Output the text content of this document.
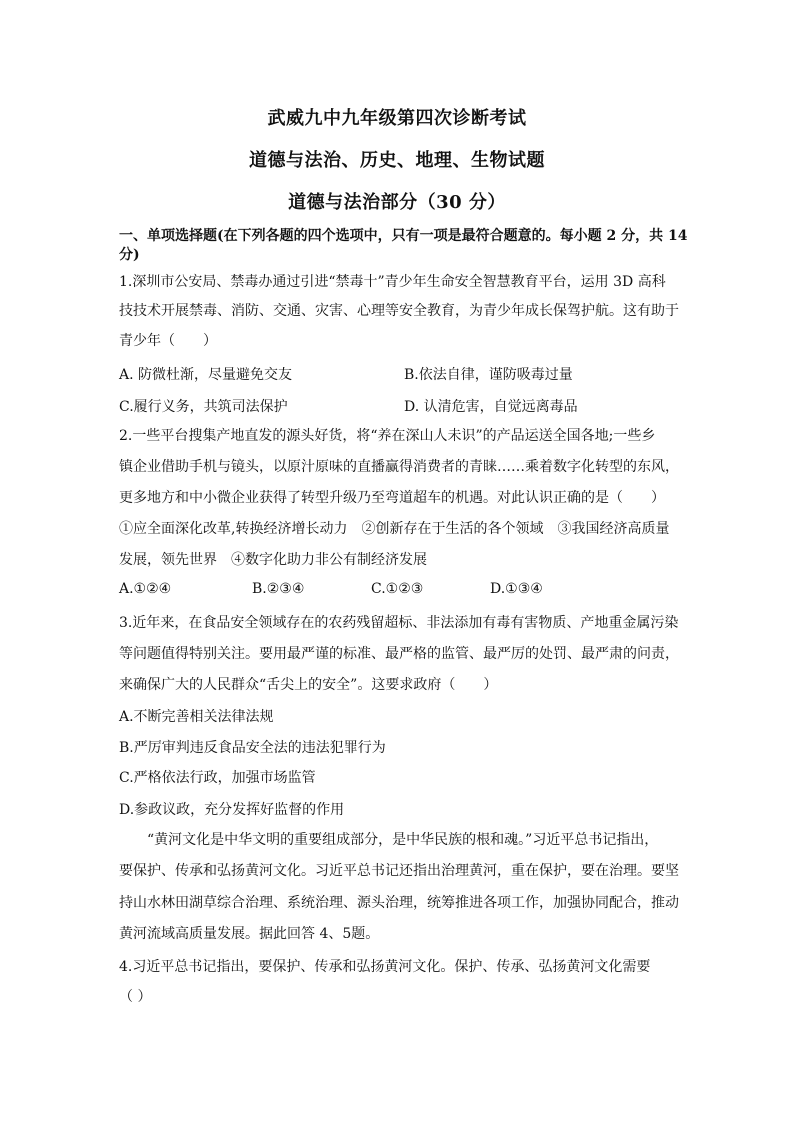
武威九中九年级第四次诊断考试
道德与法治、历史、地理、生物试题
道德与法治部分（30 分）
一、单项选择题(在下列各题的四个选项中，只有一项是最符合题意的。每小题 2 分，共 14
分)
1.深圳市公安局、禁毒办通过引进“禁毒十”青少年生命安全智慧教育平台，运用 3D 高科
技技术开展禁毒、消防、交通、灾害、心理等安全教育，为青少年成长保驾护航。这有助于
青少年（　　）
A. 防微杜渐，尽量避免交友	B.依法自律，谨防吸毒过量
C.履行义务，共筑司法保护	D. 认清危害，自觉远离毒品
2.一些平台搜集产地直发的源头好货，将“养在深山人未识”的产品运送全国各地;一些乡
镇企业借助手机与镜头，以原汁原味的直播赢得消费者的青睐……乘着数字化转型的东风，
更多地方和中小微企业获得了转型升级乃至弯道超车的机遇。对此认识正确的是（　　）
①应全面深化改革,转换经济增长动力　②创新存在于生活的各个领域　③我国经济高质量
发展，领先世界　④数字化助力非公有制经济发展
A.①②④	B.②③④	C.①②③	D.①③④
3.近年来，在食品安全领域存在的农药残留超标、非法添加有毒有害物质、产地重金属污染
等问题值得特别关注。要用最严谨的标准、最严格的监管、最严厉的处罚、最严肃的问责，
来确保广大的人民群众“舌尖上的安全”。这要求政府（　　）
A.不断完善相关法律法规
B.严厉审判违反食品安全法的违法犯罪行为
C.严格依法行政，加强市场监管
D.参政议政，充分发挥好监督的作用
“黄河文化是中华文明的重要组成部分，是中华民族的根和魂。”习近平总书记指出，
要保护、传承和弘扬黄河文化。习近平总书记还指出治理黄河，重在保护，要在治理。要坚
持山水林田湖草综合治理、系统治理、源头治理，统筹推进各项工作，加强协同配合，推动
黄河流域高质量发展。据此回答 4、5题。
4.习近平总书记指出，要保护、传承和弘扬黄河文化。保护、传承、弘扬黄河文化需要
（ ）
